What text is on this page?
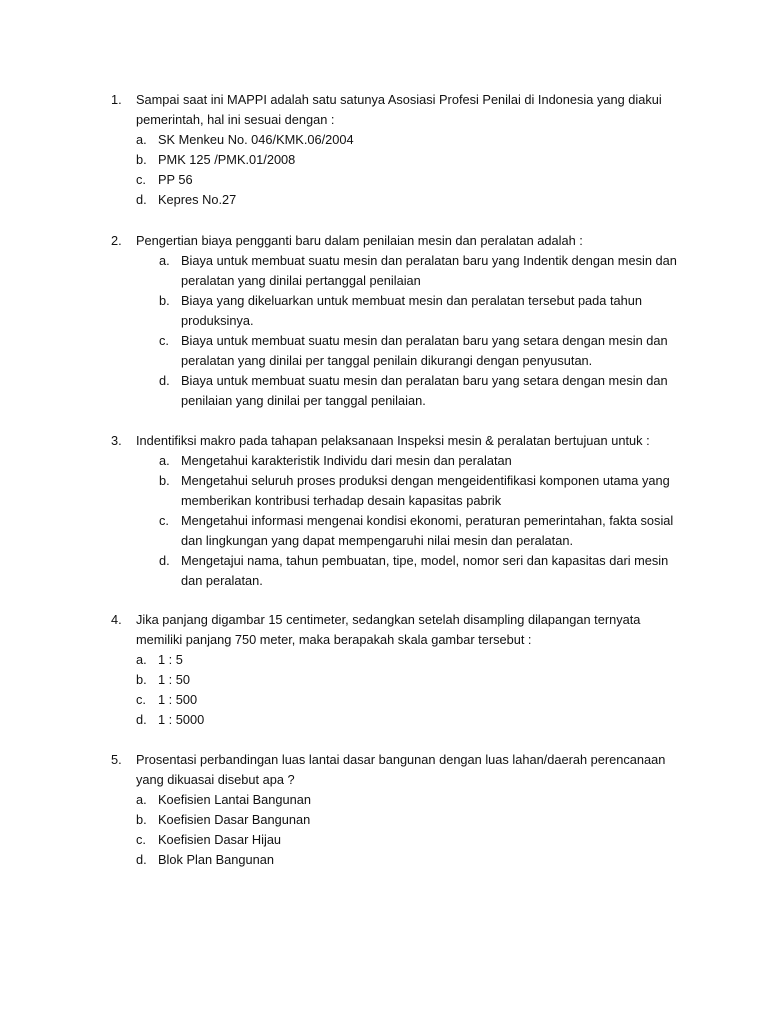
1. Sampai saat ini MAPPI adalah satu satunya Asosiasi Profesi Penilai di Indonesia yang diakui
pemerintah, hal ini sesuai dengan :
a. SK Menkeu No. 046/KMK.06/2004
b. PMK 125 /PMK.01/2008
c. PP 56
d. Kepres No.27
2. Pengertian biaya pengganti baru dalam penilaian mesin dan peralatan adalah :
a. Biaya untuk membuat suatu mesin dan peralatan baru yang Indentik dengan mesin dan
peralatan yang dinilai pertanggal penilaian
b. Biaya yang dikeluarkan untuk membuat mesin dan peralatan tersebut pada tahun
produksinya.
c. Biaya untuk membuat suatu mesin dan peralatan baru yang setara dengan mesin dan
peralatan yang dinilai per tanggal penilain dikurangi dengan penyusutan.
d. Biaya untuk membuat suatu mesin dan peralatan baru yang setara dengan mesin dan
penilaian yang dinilai per tanggal penilaian.
3. Indentifiksi makro pada tahapan pelaksanaan Inspeksi mesin & peralatan bertujuan untuk :
a. Mengetahui karakteristik Individu dari mesin dan peralatan
b. Mengetahui seluruh proses produksi dengan mengeidentifikasi komponen utama yang
memberikan kontribusi terhadap desain kapasitas pabrik
c. Mengetahui informasi mengenai kondisi ekonomi, peraturan pemerintahan, fakta sosial
dan lingkungan yang dapat mempengaruhi nilai mesin dan peralatan.
d. Mengetajui nama, tahun pembuatan, tipe, model, nomor seri dan kapasitas dari mesin
dan peralatan.
4. Jika panjang digambar 15 centimeter, sedangkan setelah disampling dilapangan ternyata
memiliki panjang 750 meter, maka berapakah skala gambar tersebut :
a. 1 : 5
b. 1 : 50
c. 1 : 500
d. 1 : 5000
5. Prosentasi perbandingan luas lantai dasar bangunan dengan luas lahan/daerah perencanaan
yang dikuasai disebut apa ?
a. Koefisien Lantai Bangunan
b. Koefisien Dasar Bangunan
c. Koefisien Dasar Hijau
d. Blok Plan Bangunan
